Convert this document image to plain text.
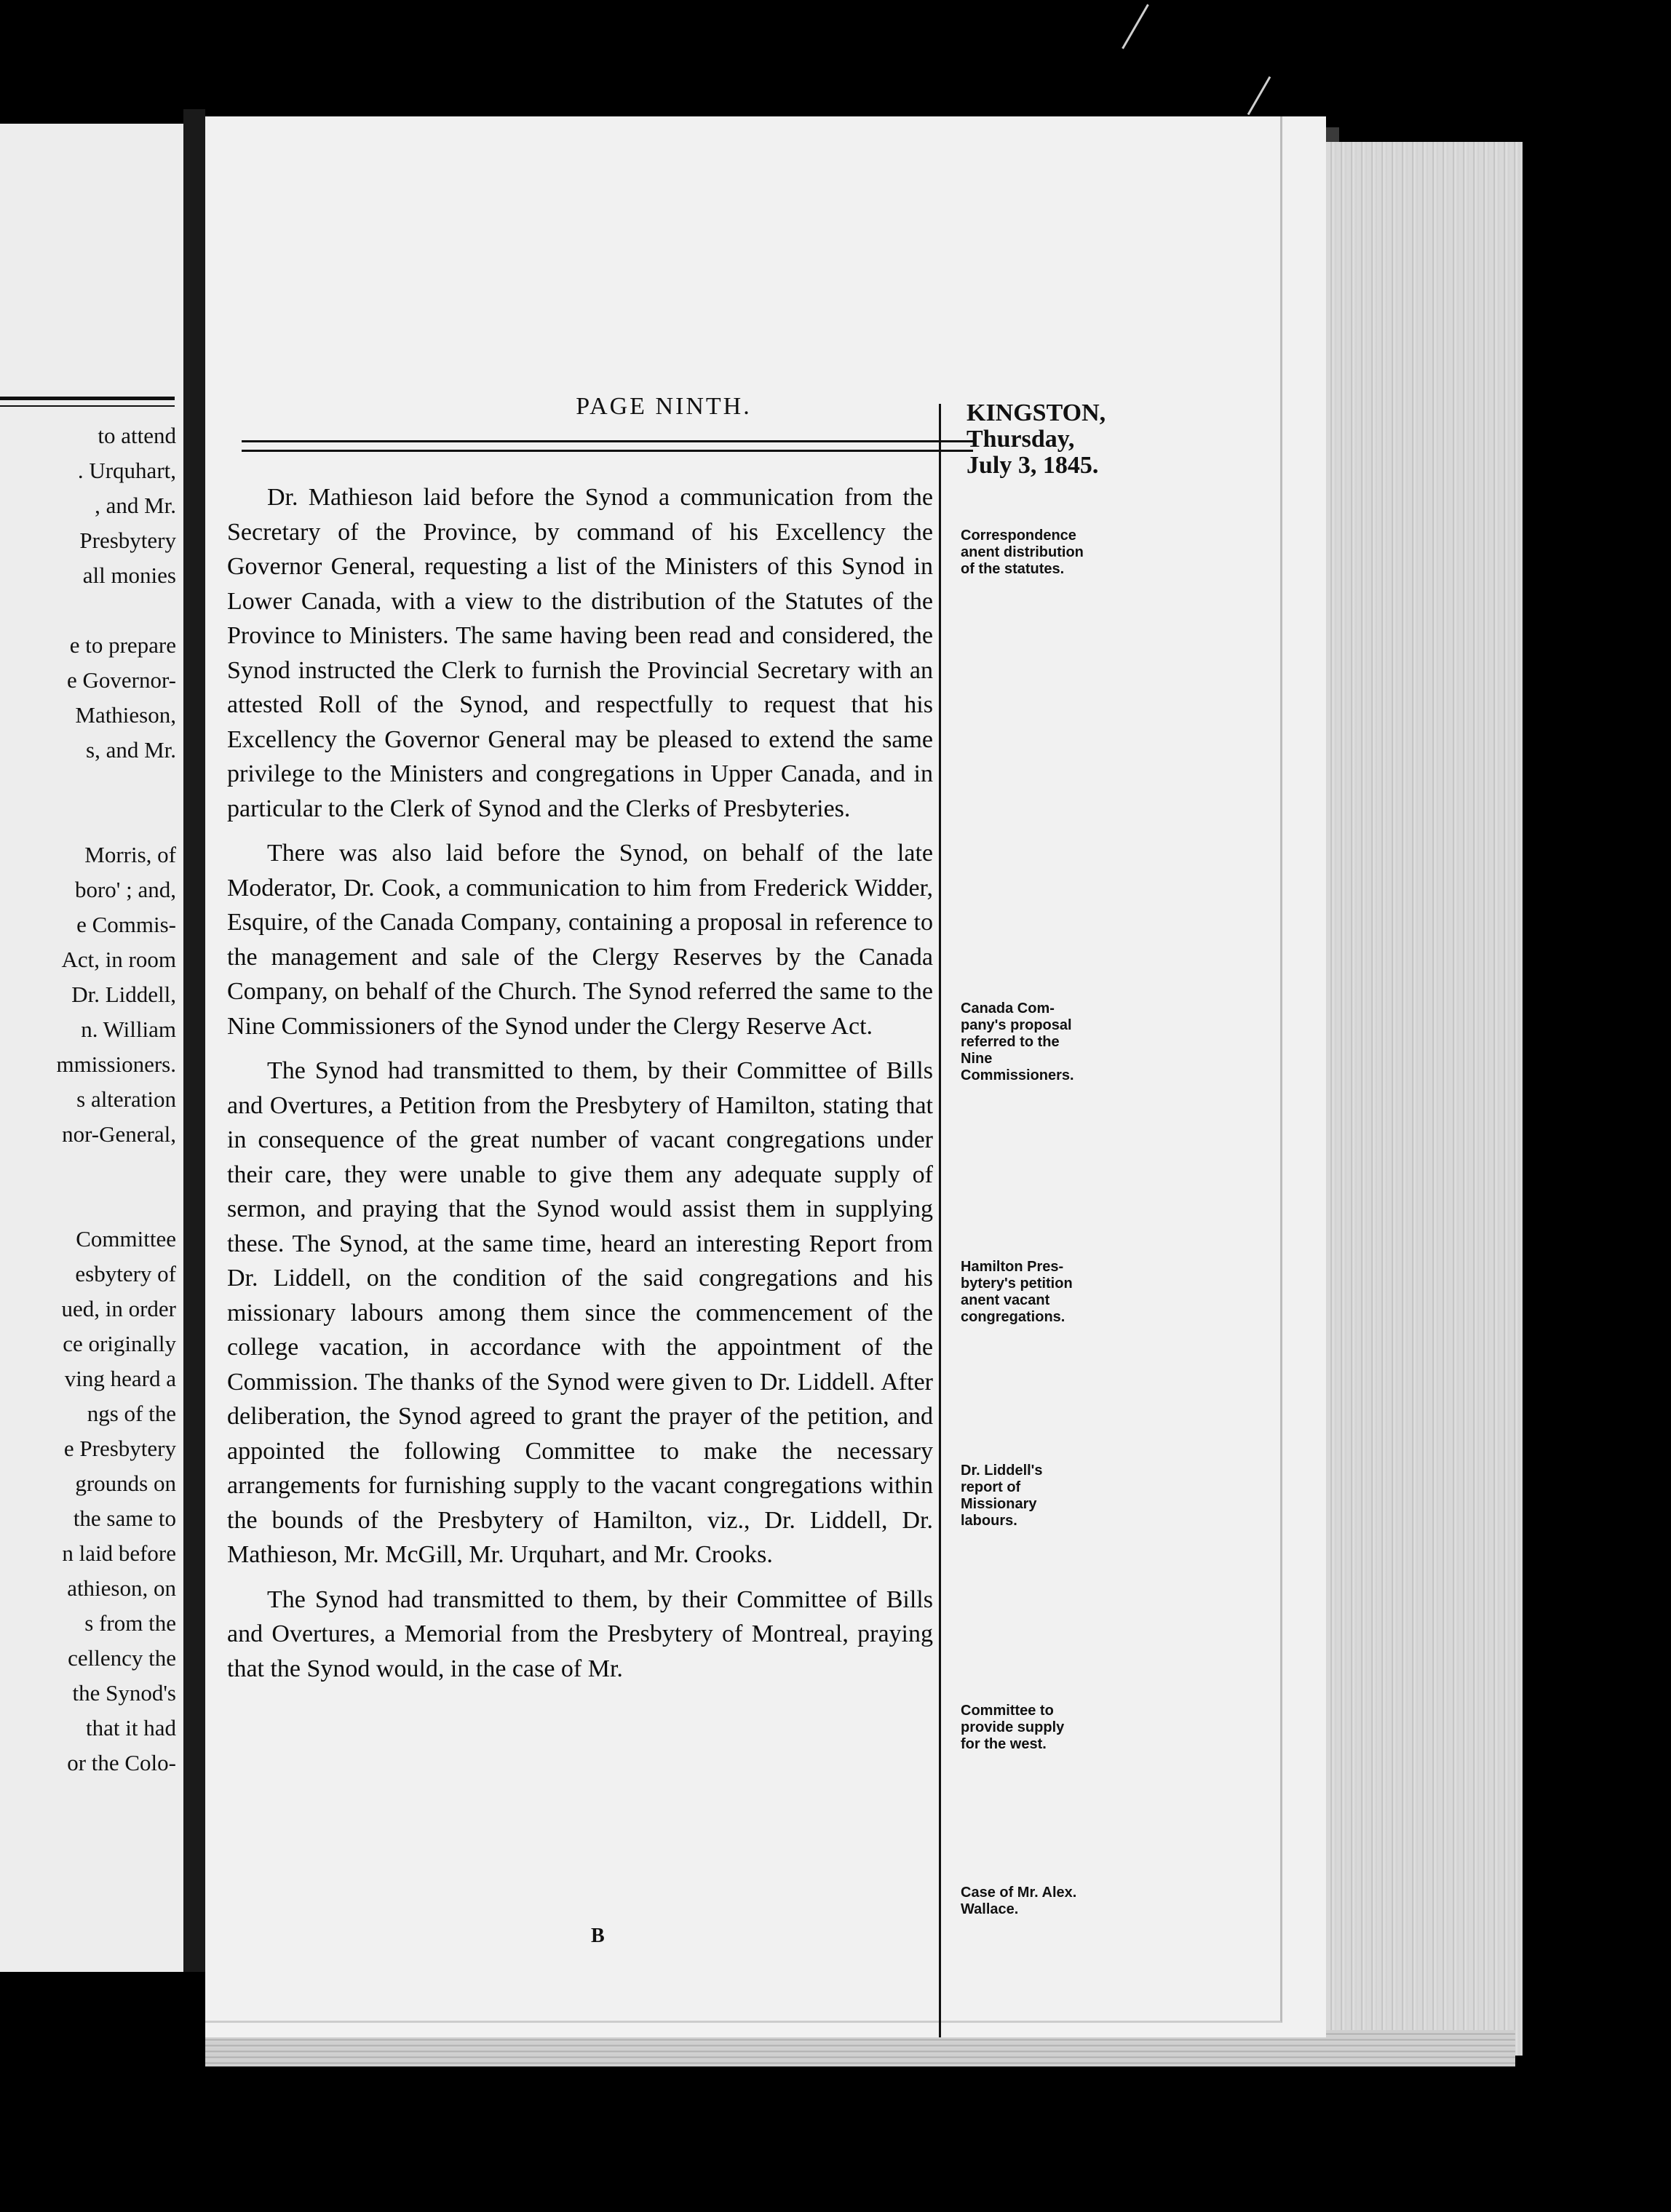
to attend
. Urquhart,
, and Mr.
Presbytery
all monies
e to prepare
e Governor-
Mathieson,
s, and Mr.
Morris, of
boro' ; and,
e Commis-
Act, in room
Dr. Liddell,
n. William
mmissioners.
s alteration
nor-General,
Committee
esbytery of
ued, in order
ce originally
ving heard a
ngs of the
e Presbytery
grounds on
the same to
n laid before
athieson, on
s from the
cellency the
the Synod's
that it had
or the Colo-
PAGE NINTH.

Dr. Mathieson laid before the Synod a communication from the Secretary of the Province, by command of his Excellency the Governor General, requesting a list of the Ministers of this Synod in Lower Canada, with a view to the distribution of the Statutes of the Province to Ministers. The same having been read and considered, the Synod instructed the Clerk to furnish the Provincial Secretary with an attested Roll of the Synod, and respectfully to request that his Excellency the Governor General may be pleased to extend the same privilege to the Ministers and congregations in Upper Canada, and in particular to the Clerk of Synod and the Clerks of Presbyteries.

There was also laid before the Synod, on behalf of the late Moderator, Dr. Cook, a communication to him from Frederick Widder, Esquire, of the Canada Company, containing a proposal in reference to the management and sale of the Clergy Reserves by the Canada Company, on behalf of the Church. The Synod referred the same to the Nine Commissioners of the Synod under the Clergy Reserve Act.

The Synod had transmitted to them, by their Committee of Bills and Overtures, a Petition from the Presbytery of Hamilton, stating that in consequence of the great number of vacant congregations under their care, they were unable to give them any adequate supply of sermon, and praying that the Synod would assist them in supplying these. The Synod, at the same time, heard an interesting Report from Dr. Liddell, on the condition of the said congregations and his missionary labours among them since the commencement of the college vacation, in accordance with the appointment of the Commission. The thanks of the Synod were given to Dr. Liddell. After deliberation, the Synod agreed to grant the prayer of the petition, and appointed the following Committee to make the necessary arrangements for furnishing supply to the vacant congregations within the bounds of the Presbytery of Hamilton, viz., Dr. Liddell, Dr. Mathieson, Mr. McGill, Mr. Urquhart, and Mr. Crooks.

The Synod had transmitted to them, by their Committee of Bills and Overtures, a Memorial from the Presbytery of Montreal, praying that the Synod would, in the case of Mr.

B
KINGSTON,
Thursday,
July 3, 1845.
Correspondence
anent distribution
of the statutes.
Canada Com-
pany's proposal
referred to the
Nine
Commissioners.
Hamilton Pres-
bytery's petition
anent vacant
congregations.
Dr. Liddell's
report of
Missionary
labours.
Committee to
provide supply
for the west.
Case of Mr. Alex.
Wallace.
